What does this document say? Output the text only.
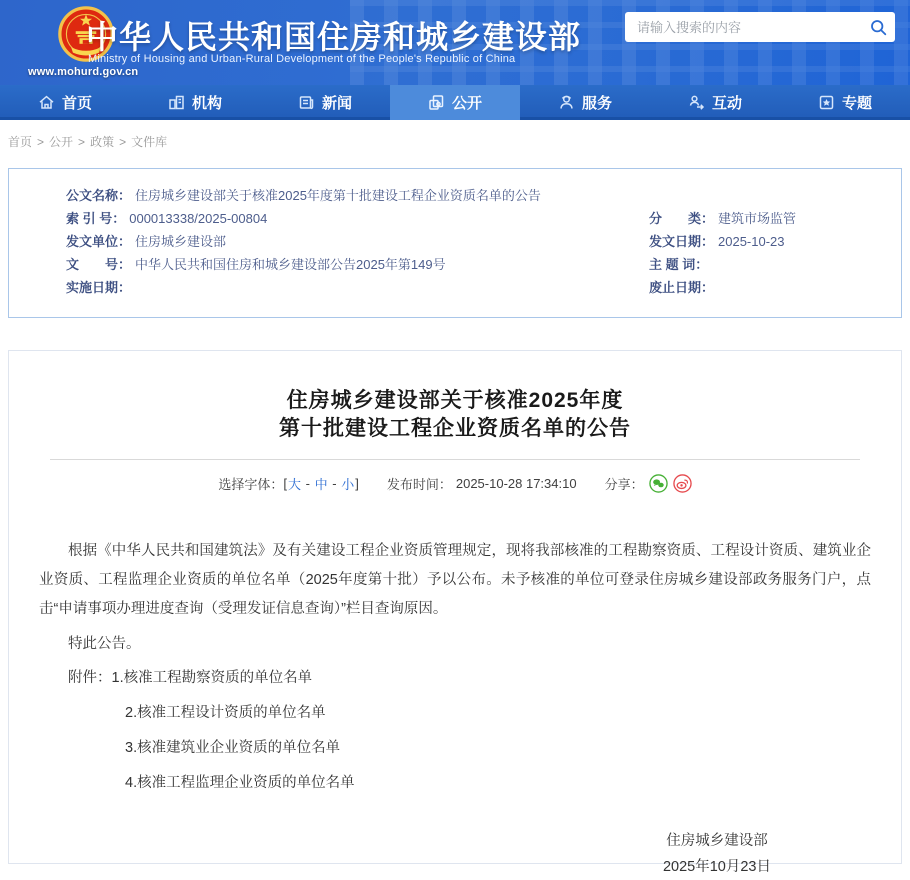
www.mohurd.gov.cn
中华人民共和国住房和城乡建设部
Ministry of Housing and Urban-Rural Development of the People's Republic of China
请输入搜索的内容
首页	机构	新闻	公开	服务	互动	专题
首页 > 公开 > 政策 > 文件库
公文名称： 住房城乡建设部关于核准2025年度第十批建设工程企业资质名单的公告
索 引 号： 000013338/2025-00804	分　　类： 建筑市场监管
发文单位： 住房城乡建设部	发文日期： 2025-10-23
文　　号： 中华人民共和国住房和城乡建设部公告2025年第149号	主 题 词：
实施日期：	废止日期：
住房城乡建设部关于核准2025年度
第十批建设工程企业资质名单的公告
选择字体： [ 大 - 中 - 小 ] 发布时间： 2025-10-28 17:34:10 分享：

根据《中华人民共和国建筑法》及有关建设工程企业资质管理规定，现将我部核准的工程勘察资质、工程设计资质、建筑业企业资质、工程监理企业资质的单位名单（2025年度第十批）予以公布。未予核准的单位可登录住房城乡建设部政务服务门户，点击“申请事项办理进度查询（受理发证信息查询）”栏目查询原因。

特此公告。

附件：1.核准工程勘察资质的单位名单
2.核准工程设计资质的单位名单
3.核准建筑业企业资质的单位名单
4.核准工程监理企业资质的单位名单
住房城乡建设部
2025年10月23日
